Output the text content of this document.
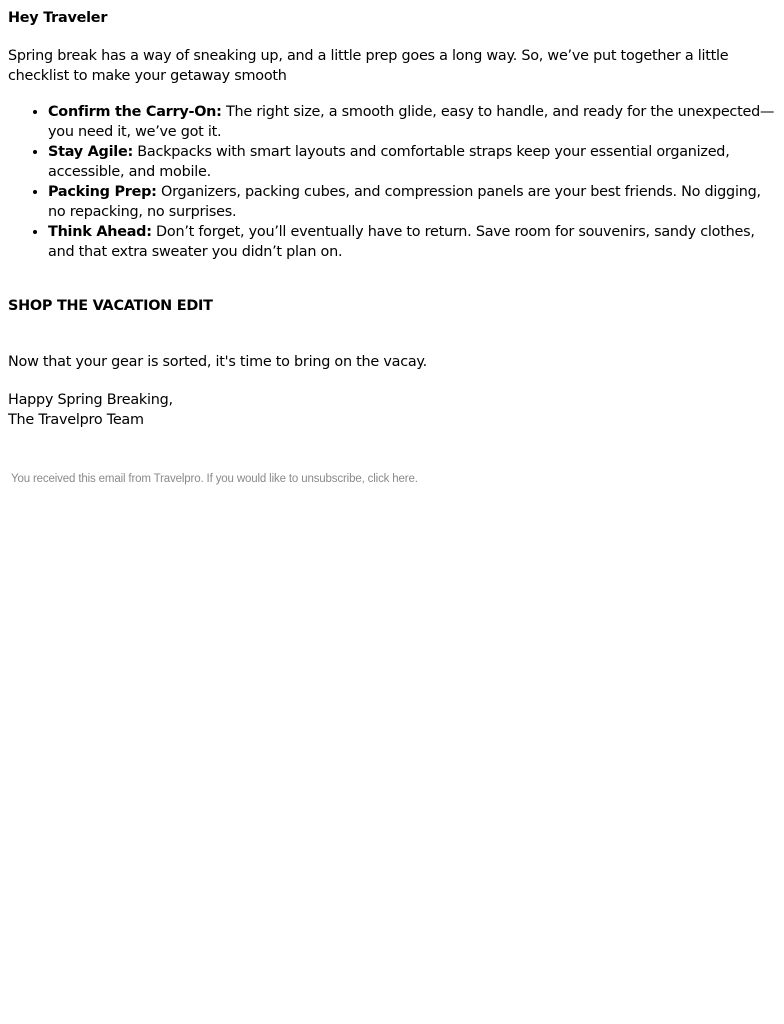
Hey Traveler

Spring break has a way of sneaking up, and a little prep goes a long way. So, we’ve put together a little checklist to make your getaway smooth

• Confirm the Carry-On: The right size, a smooth glide, easy to handle, and ready for the unexpected—you need it, we’ve got it.
• Stay Agile: Backpacks with smart layouts and comfortable straps keep your essential organized, accessible, and mobile.
• Packing Prep: Organizers, packing cubes, and compression panels are your best friends. No digging, no repacking, no surprises.
• Think Ahead: Don’t forget, you’ll eventually have to return. Save room for souvenirs, sandy clothes, and that extra sweater you didn’t plan on.
SHOP THE VACATION EDIT

Now that your gear is sorted, it's time to bring on the vacay.

Happy Spring Breaking,
The Travelpro Team

You received this email from Travelpro. If you would like to unsubscribe, click here.
